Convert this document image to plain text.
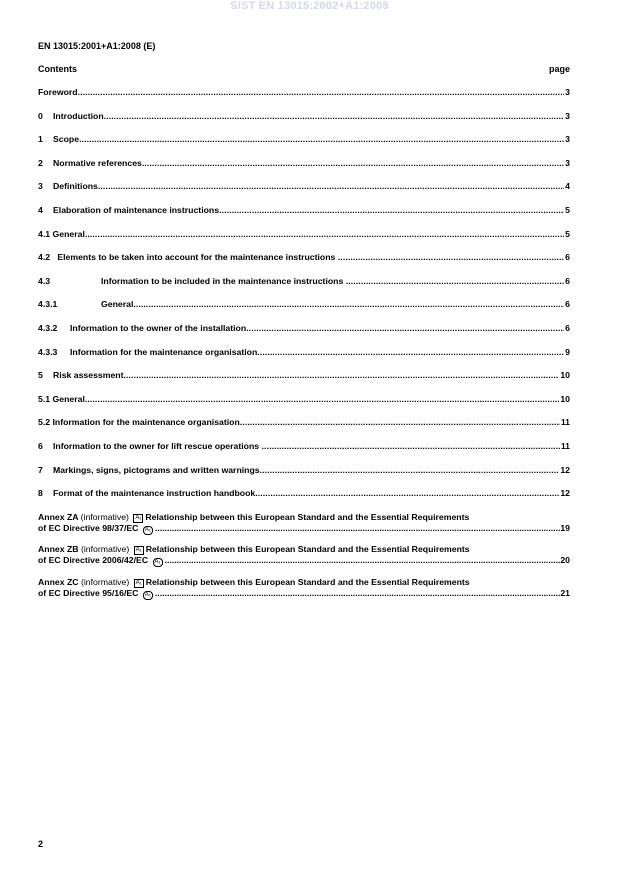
SIST EN 13015:2002+A1:2008
EN 13015:2001+A1:2008 (E)
Contents	page
Foreword .....	3
0 Introduction .....	3
1 Scope .....	3
2 Normative references .....	3
3 Definitions .....	4
4 Elaboration of maintenance instructions .....	5
4.1 General .....	5
4.2 Elements to be taken into account for the maintenance instructions .....	6
4.3	Information to be included in the maintenance instructions .....	6
4.3.1	General .....	6
4.3.2 Information to the owner of the installation .....	6
4.3.3 Information for the maintenance organisation .....	9
5 Risk assessment .....	10
5.1 General .....	10
5.2 Information for the maintenance organisation .....	11
6 Information to the owner for lift rescue operations .....	11
7 Markings, signs, pictograms and written warnings .....	12
8 Format of the maintenance instruction handbook .....	12
Annex ZA (informative) A₁ Relationship between this European Standard and the Essential Requirements
of EC Directive 98/37/EC
	A₁ .....	19
Annex ZB (informative) A₁ Relationship between this European Standard and the Essential Requirements
of EC Directive 2006/42/EC
	A₁ .....	20
Annex ZC (informative) A₁ Relationship between this European Standard and the Essential Requirements
of EC Directive 95/16/EC
	A₁ .....	21
2
